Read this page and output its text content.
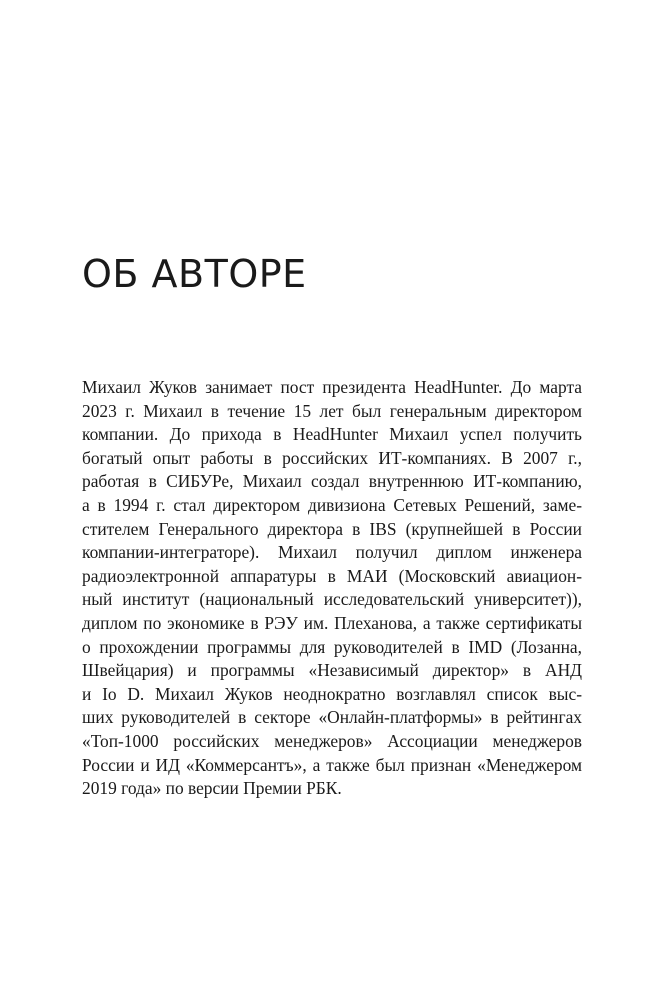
ОБ АВТОРЕ
Михаил Жуков занимает пост президента HeadHunter. До марта
2023 г. Михаил в течение 15 лет был генеральным директором
компании. До прихода в HeadHunter Михаил успел получить
богатый опыт работы в российских ИТ-компаниях. В 2007 г.,
работая в СИБУРе, Михаил создал внутреннюю ИТ-компанию,
а в 1994 г. стал директором дивизиона Сетевых Решений, заме-
стителем Генерального директора в IBS (крупнейшей в России
компании-интеграторе). Михаил получил диплом инженера
радиоэлектронной аппаратуры в МАИ (Московский авиацион-
ный институт (национальный исследовательский университет)),
диплом по экономике в РЭУ им. Плеханова, а также сертификаты
о прохождении программы для руководителей в IMD (Лозанна,
Швейцария) и программы «Независимый директор» в АНД
и Io D. Михаил Жуков неоднократно возглавлял список выс-
ших руководителей в секторе «Онлайн-платформы» в рейтингах
«Топ-1000 российских менеджеров» Ассоциации менеджеров
России и ИД «Коммерсантъ», а также был признан «Менеджером
2019 года» по версии Премии РБК.
